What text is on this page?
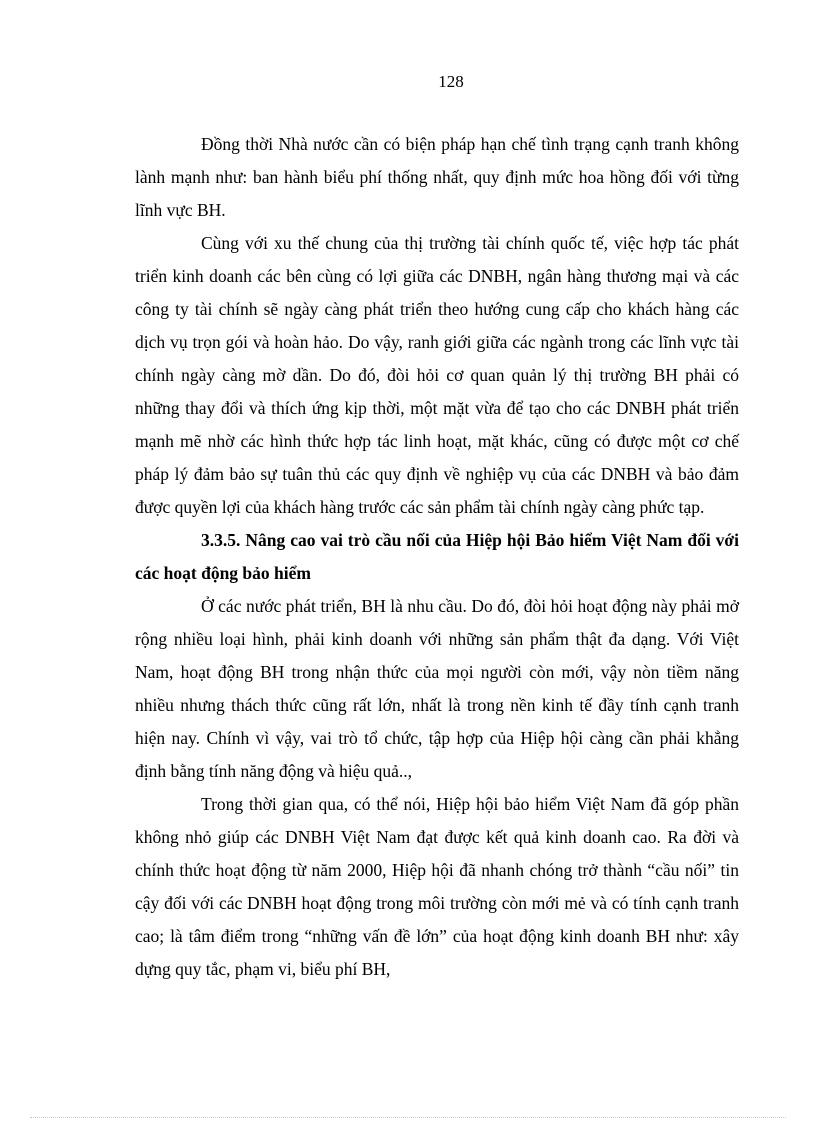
128

Đồng thời Nhà nước cần có biện pháp hạn chế tình trạng cạnh tranh không lành mạnh như: ban hành biểu phí thống nhất, quy định mức hoa hồng đối với từng lĩnh vực BH.

Cùng với xu thế chung của thị trường tài chính quốc tế, việc hợp tác phát triển kinh doanh các bên cùng có lợi giữa các DNBH, ngân hàng thương mại và các công ty tài chính sẽ ngày càng phát triển theo hướng cung cấp cho khách hàng các dịch vụ trọn gói và hoàn hảo. Do vậy, ranh giới giữa các ngành trong các lĩnh vực tài chính ngày càng mờ dần. Do đó, đòi hỏi cơ quan quản lý thị trường BH phải có những thay đổi và thích ứng kịp thời, một mặt vừa để tạo cho các DNBH phát triển mạnh mẽ nhờ các hình thức hợp tác linh hoạt, mặt khác, cũng có được một cơ chế pháp lý đảm bảo sự tuân thủ các quy định về nghiệp vụ của các DNBH và bảo đảm được quyền lợi của khách hàng trước các sản phẩm tài chính ngày càng phức tạp.

3.3.5. Nâng cao vai trò cầu nối của Hiệp hội Bảo hiểm Việt Nam đối với các hoạt động bảo hiểm

Ở các nước phát triển, BH là nhu cầu. Do đó, đòi hỏi hoạt động này phải mở rộng nhiều loại hình, phải kinh doanh với những sản phẩm thật đa dạng. Với Việt Nam, hoạt động BH trong nhận thức của mọi người còn mới, vậy nòn tiềm năng nhiều nhưng thách thức cũng rất lớn, nhất là trong nền kinh tế đầy tính cạnh tranh hiện nay. Chính vì vậy, vai trò tổ chức, tập hợp của Hiệp hội càng cần phải khẳng định bằng tính năng động và hiệu quả..,

Trong thời gian qua, có thể nói, Hiệp hội bảo hiểm Việt Nam đã góp phần không nhỏ giúp các DNBH Việt Nam đạt được kết quả kinh doanh cao. Ra đời và chính thức hoạt động từ năm 2000, Hiệp hội đã nhanh chóng trở thành “cầu nối” tin cậy đối với các DNBH hoạt động trong môi trường còn mới mẻ và có tính cạnh tranh cao; là tâm điểm trong “những vấn đề lớn” của hoạt động kinh doanh BH như: xây dựng quy tắc, phạm vi, biểu phí BH,
